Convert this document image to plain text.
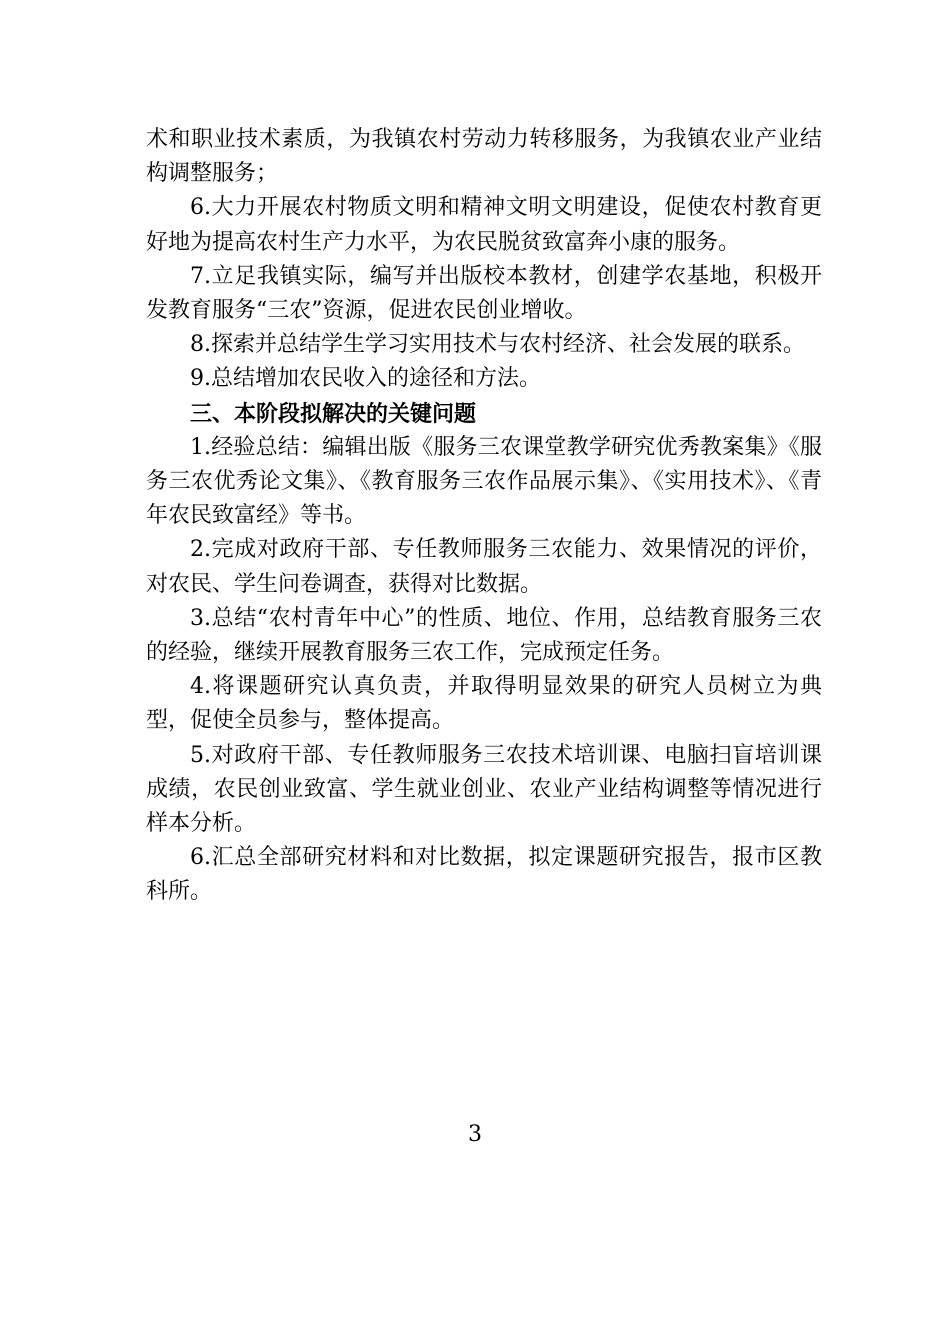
术和职业技术素质，为我镇农村劳动力转移服务，为我镇农业产业结构调整服务；

6.大力开展农村物质文明和精神文明文明建设，促使农村教育更好地为提高农村生产力水平，为农民脱贫致富奔小康的服务。

7.立足我镇实际，编写并出版校本教材，创建学农基地，积极开发教育服务“三农”资源，促进农民创业增收。

8.探索并总结学生学习实用技术与农村经济、社会发展的联系。

9.总结增加农民收入的途径和方法。

三、本阶段拟解决的关键问题

1.经验总结：编辑出版《服务三农课堂教学研究优秀教案集》《服务三农优秀论文集》、《教育服务三农作品展示集》、《实用技术》、《青年农民致富经》等书。

2.完成对政府干部、专任教师服务三农能力、效果情况的评价，对农民、学生问卷调查，获得对比数据。

3.总结“农村青年中心”的性质、地位、作用，总结教育服务三农的经验，继续开展教育服务三农工作，完成预定任务。

4.将课题研究认真负责，并取得明显效果的研究人员树立为典型，促使全员参与，整体提高。

5.对政府干部、专任教师服务三农技术培训课、电脑扫盲培训课成绩，农民创业致富、学生就业创业、农业产业结构调整等情况进行样本分析。

6.汇总全部研究材料和对比数据，拟定课题研究报告，报市区教科所。

3
